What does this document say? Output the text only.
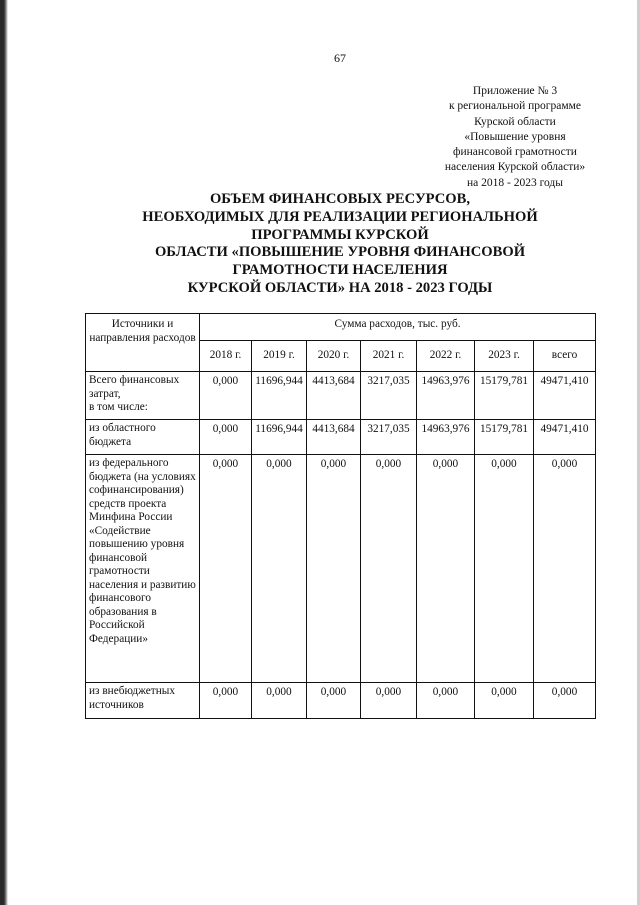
67
Приложение № 3
к региональной программе
Курской области
«Повышение уровня
финансовой грамотности
населения Курской области»
на 2018 - 2023 годы
ОБЪЕМ ФИНАНСОВЫХ РЕСУРСОВ,
НЕОБХОДИМЫХ ДЛЯ РЕАЛИЗАЦИИ РЕГИОНАЛЬНОЙ
ПРОГРАММЫ КУРСКОЙ
ОБЛАСТИ «ПОВЫШЕНИЕ УРОВНЯ ФИНАНСОВОЙ
ГРАМОТНОСТИ НАСЕЛЕНИЯ
КУРСКОЙ ОБЛАСТИ» НА 2018 - 2023 ГОДЫ
Источники и направления расходов	Сумма расходов, тыс. руб.						
	2018 г.	2019 г.	2020 г.	2021 г.	2022 г.	2023 г.	всего
Всего финансовых затрат,
в том числе:	0,000	11696,944	4413,684	3217,035	14963,976	15179,781	49471,410
из областного бюджета	0,000	11696,944	4413,684	3217,035	14963,976	15179,781	49471,410
из федерального бюджета (на условиях софинансирования) средств проекта Минфина России «Содействие повышению уровня финансовой грамотности населения и развитию финансового образования в Российской Федерации»	0,000	0,000	0,000	0,000	0,000	0,000	0,000
из внебюджетных источников	0,000	0,000	0,000	0,000	0,000	0,000	0,000
